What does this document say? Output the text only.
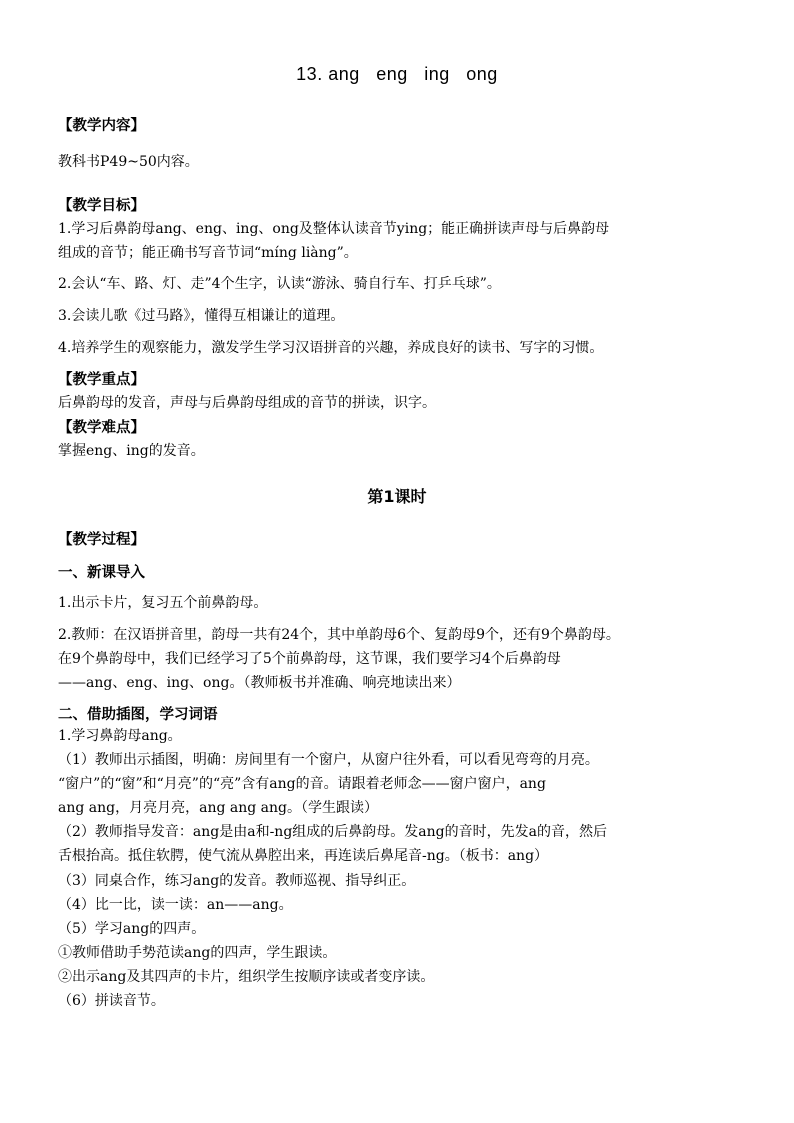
13. ang   eng   ing   ong
【教学内容】
教科书P49~50内容。
【教学目标】
1.学习后鼻韵母ang、eng、ing、ong及整体认读音节ying；能正确拼读声母与后鼻韵母
组成的音节；能正确书写音节词“míng liàng”。
2.会认“车、路、灯、走”4个生字，认读“游泳、骑自行车、打乒乓球”。
3.会读儿歌《过马路》，懂得互相谦让的道理。
4.培养学生的观察能力，激发学生学习汉语拼音的兴趣，养成良好的读书、写字的习惯。
【教学重点】
后鼻韵母的发音，声母与后鼻韵母组成的音节的拼读，识字。
【教学难点】
掌握eng、ing的发音。
第1课时
【教学过程】
一、新课导入
1.出示卡片，复习五个前鼻韵母。
2.教师：在汉语拼音里，韵母一共有24个，其中单韵母6个、复韵母9个，还有9个鼻韵母。
在9个鼻韵母中，我们已经学习了5个前鼻韵母，这节课，我们要学习4个后鼻韵母
——ang、eng、ing、ong。（教师板书并准确、响亮地读出来）
二、借助插图，学习词语
1.学习鼻韵母ang。
（1）教师出示插图，明确：房间里有一个窗户，从窗户往外看，可以看见弯弯的月亮。
“窗户”的“窗”和“月亮”的“亮”含有ang的音。请跟着老师念——窗户窗户，ang
ang ang，月亮月亮，ang ang ang。（学生跟读）
（2）教师指导发音：ang是由a和-ng组成的后鼻韵母。发ang的音时，先发a的音，然后
舌根抬高。抵住软腭，使气流从鼻腔出来，再连读后鼻尾音-ng。（板书：ang）
（3）同桌合作，练习ang的发音。教师巡视、指导纠正。
（4）比一比，读一读：an——ang。
（5）学习ang的四声。
①教师借助手势范读ang的四声，学生跟读。
②出示ang及其四声的卡片，组织学生按顺序读或者变序读。
（6）拼读音节。
